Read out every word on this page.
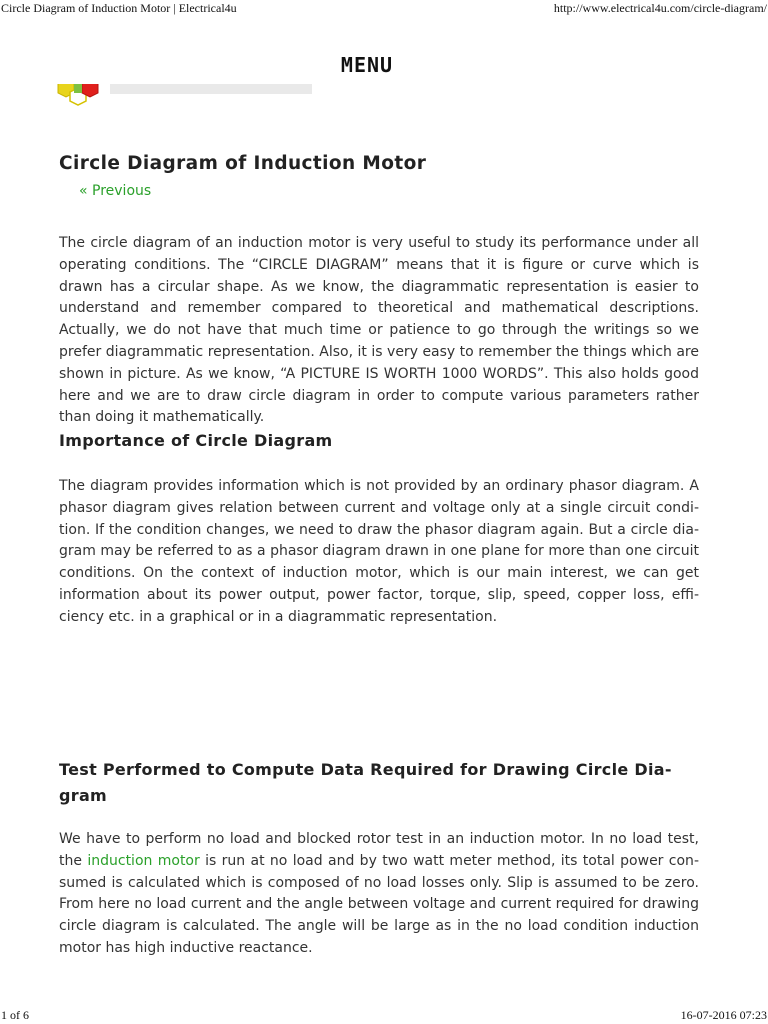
Circle Diagram of Induction Motor | Electrical4u	http://www.electrical4u.com/circle-diagram/
MENU
Circle Diagram of Induction Motor
« Previous

The circle diagram of an induction motor is very useful to study its performance under all operating conditions. The “CIRCLE DIAGRAM” means that it is figure or curve which is drawn has a circular shape. As we know, the diagrammatic representation is easier to understand and remember compared to theoretical and mathematical descriptions. Actually, we do not have that much time or patience to go through the writings so we prefer diagrammatic representation. Also, it is very easy to remember the things which are shown in picture. As we know, “A PICTURE IS WORTH 1000 WORDS”. This also holds good here and we are to draw circle diagram in order to compute various parameters rather than doing it mathematically.

Importance of Circle Diagram

The diagram provides information which is not provided by an ordinary phasor diagram. A phasor diagram gives relation between current and voltage only at a single circuit condition. If the condition changes, we need to draw the phasor diagram again. But a circle diagram may be referred to as a phasor diagram drawn in one plane for more than one circuit conditions. On the context of induction motor, which is our main interest, we can get information about its power output, power factor, torque, slip, speed, copper loss, efficiency etc. in a graphical or in a diagrammatic representation.

Test Performed to Compute Data Required for Drawing Circle Diagram

We have to perform no load and blocked rotor test in an induction motor. In no load test, the induction motor is run at no load and by two watt meter method, its total power consumed is calculated which is composed of no load losses only. Slip is assumed to be zero. From here no load current and the angle between voltage and current required for drawing circle diagram is calculated. The angle will be large as in the no load condition induction motor has high inductive reactance.

1 of 6	16-07-2016 07:23
